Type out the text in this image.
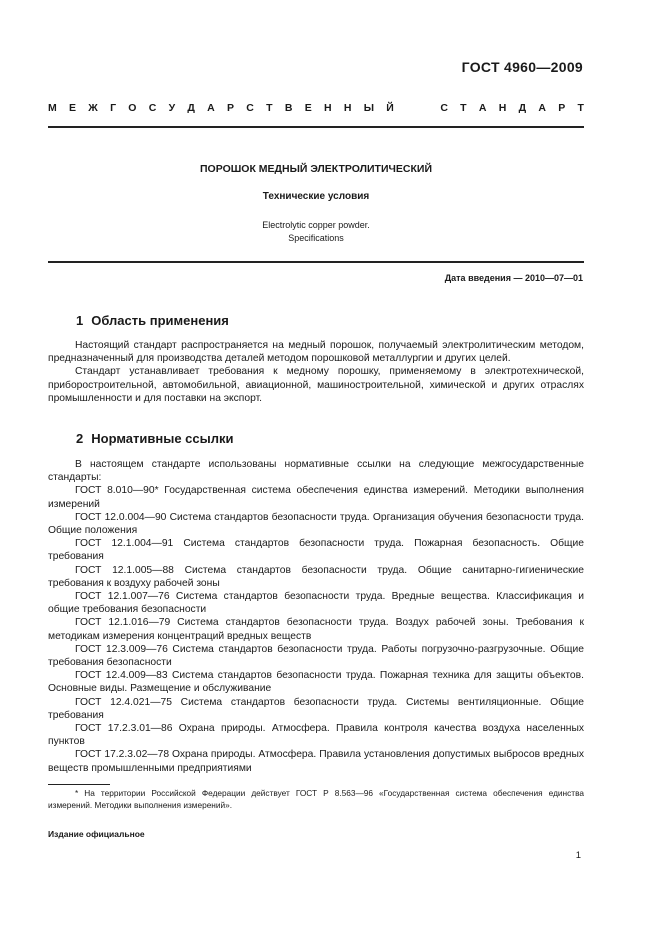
ГОСТ 4960—2009
М Е Ж Г О С У Д А Р С Т В Е Н Н Ы Й	С Т А Н Д А Р Т
ПОРОШОК МЕДНЫЙ ЭЛЕКТРОЛИТИЧЕСКИЙ
Технические условия
Electrolytic copper powder.
Specifications
Дата введения — 2010—07—01
1 Область применения

Настоящий стандарт распространяется на медный порошок, получаемый электролитическим методом, предназначенный для производства деталей методом порошковой металлургии и других целей.

Стандарт устанавливает требования к медному порошку, применяемому в электротехнической, приборостроительной, автомобильной, авиационной, машиностроительной, химической и других отраслях промышленности и для поставки на экспорт.

2 Нормативные ссылки

В настоящем стандарте использованы нормативные ссылки на следующие межгосударственные стандарты:

ГОСТ 8.010—90* Государственная система обеспечения единства измерений. Методики выполнения измерений

ГОСТ 12.0.004—90 Система стандартов безопасности труда. Организация обучения безопасности труда. Общие положения

ГОСТ 12.1.004—91 Система стандартов безопасности труда. Пожарная безопасность. Общие требования

ГОСТ 12.1.005—88 Система стандартов безопасности труда. Общие санитарно-гигиенические требования к воздуху рабочей зоны

ГОСТ 12.1.007—76 Система стандартов безопасности труда. Вредные вещества. Классификация и общие требования безопасности

ГОСТ 12.1.016—79 Система стандартов безопасности труда. Воздух рабочей зоны. Требования к методикам измерения концентраций вредных веществ

ГОСТ 12.3.009—76 Система стандартов безопасности труда. Работы погрузочно-разгрузочные. Общие требования безопасности

ГОСТ 12.4.009—83 Система стандартов безопасности труда. Пожарная техника для защиты объектов. Основные виды. Размещение и обслуживание

ГОСТ 12.4.021—75 Система стандартов безопасности труда. Системы вентиляционные. Общие требования

ГОСТ 17.2.3.01—86 Охрана природы. Атмосфера. Правила контроля качества воздуха населенных пунктов

ГОСТ 17.2.3.02—78 Охрана природы. Атмосфера. Правила установления допустимых выбросов вредных веществ промышленными предприятиями

* На территории Российской Федерации действует ГОСТ Р 8.563—96 «Государственная система обеспечения единства измерений. Методики выполнения измерений».

Издание официальное
1
